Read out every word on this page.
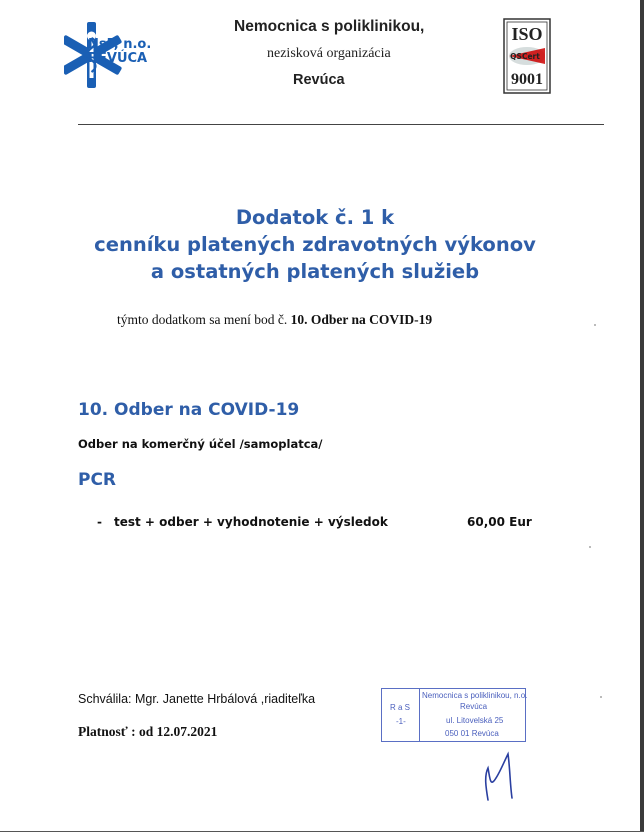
NsP, n.o.
REVÚCA
Nemocnica s poliklinikou,
nezisková organizácia
Revúca
ISO
QSCert
9001
Dodatok č. 1 k
cenníku platených zdravotných výkonov
a ostatných platených služieb
týmto dodatkom sa mení bod č. 10. Odber na COVID-19
10. Odber na COVID-19
Odber na komerčný účel /samoplatca/
PCR
- test + odber + vyhodnotenie + výsledok	60,00 Eur
Schválila: Mgr. Janette Hrbálová ,riaditeľka
Platnosť : od 12.07.2021
R a S
-1-
Nemocnica s poliklinikou, n.o.
Revúca
ul. Litovelská 25
050 01 Revúca
